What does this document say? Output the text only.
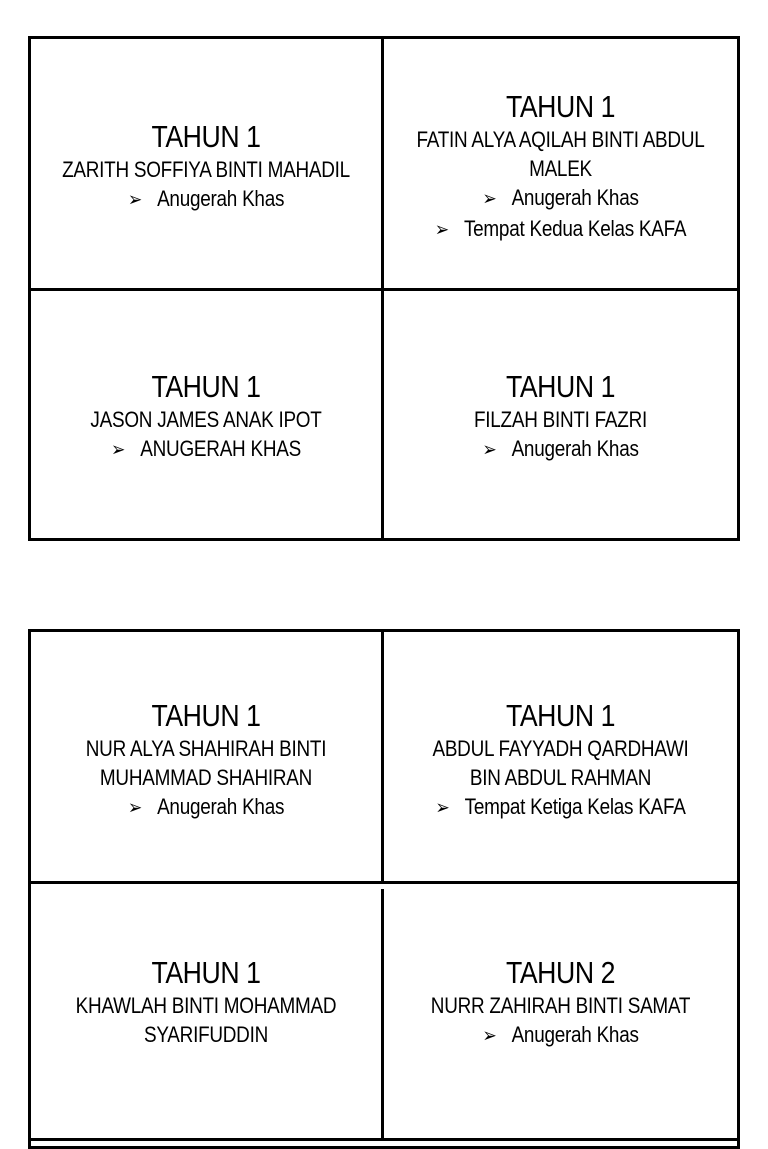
TAHUN 1

ZARITH SOFFIYA BINTI MAHADIL

➢ Anugerah Khas

TAHUN 1

FATIN ALYA AQILAH BINTI ABDUL
MALEK

➢ Anugerah Khas

➢ Tempat Kedua Kelas KAFA

TAHUN 1

JASON JAMES ANAK IPOT

➢ ANUGERAH KHAS

TAHUN 1

FILZAH BINTI FAZRI

➢ Anugerah Khas

TAHUN 1

NUR ALYA SHAHIRAH BINTI
MUHAMMAD SHAHIRAN

➢ Anugerah Khas

TAHUN 1

ABDUL FAYYADH QARDHAWI
BIN ABDUL RAHMAN

➢ Tempat Ketiga Kelas KAFA

TAHUN 1

KHAWLAH BINTI MOHAMMAD
SYARIFUDDIN

TAHUN 2

NURR ZAHIRAH BINTI SAMAT

➢ Anugerah Khas
